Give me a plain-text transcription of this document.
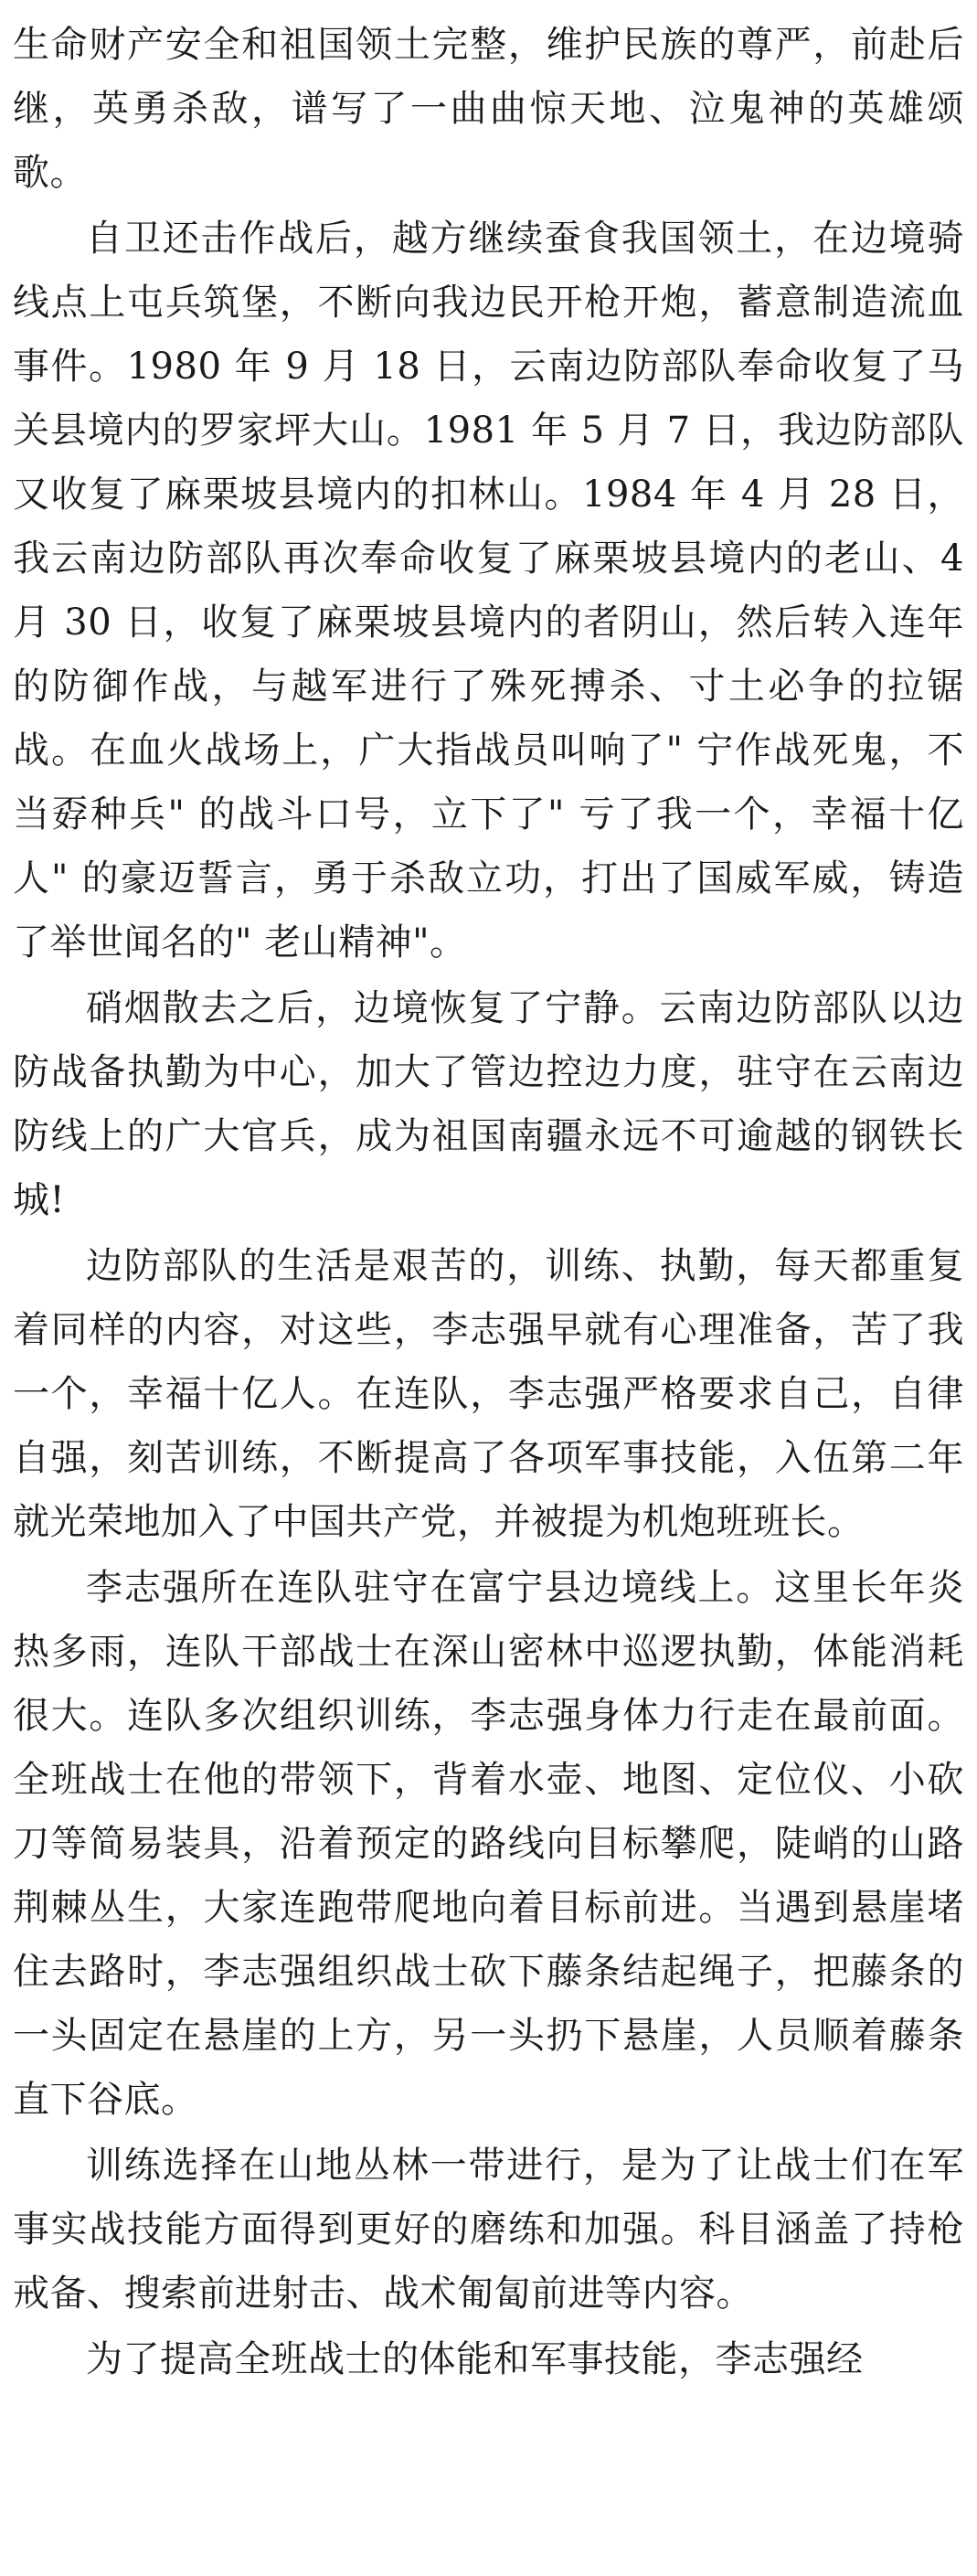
生命财产安全和祖国领土完整，维护民族的尊严，前赴后继，英勇杀敌，谱写了一曲曲惊天地、泣鬼神的英雄颂歌。

自卫还击作战后，越方继续蚕食我国领土，在边境骑线点上屯兵筑堡，不断向我边民开枪开炮，蓄意制造流血事件。1980 年 9 月 18 日，云南边防部队奉命收复了马关县境内的罗家坪大山。1981 年 5 月 7 日，我边防部队又收复了麻栗坡县境内的扣林山。1984 年 4 月 28 日，我云南边防部队再次奉命收复了麻栗坡县境内的老山、4 月 30 日，收复了麻栗坡县境内的者阴山，然后转入连年的防御作战，与越军进行了殊死搏杀、寸土必争的拉锯战。在血火战场上，广大指战员叫响了" 宁作战死鬼，不当孬种兵" 的战斗口号，立下了" 亏了我一个，幸福十亿人" 的豪迈誓言，勇于杀敌立功，打出了国威军威，铸造了举世闻名的" 老山精神"。

硝烟散去之后，边境恢复了宁静。云南边防部队以边防战备执勤为中心，加大了管边控边力度，驻守在云南边防线上的广大官兵，成为祖国南疆永远不可逾越的钢铁长城!

边防部队的生活是艰苦的，训练、执勤，每天都重复着同样的内容，对这些，李志强早就有心理准备，苦了我一个，幸福十亿人。在连队，李志强严格要求自己，自律自强，刻苦训练，不断提高了各项军事技能，入伍第二年就光荣地加入了中国共产党，并被提为机炮班班长。

李志强所在连队驻守在富宁县边境线上。这里长年炎热多雨，连队干部战士在深山密林中巡逻执勤，体能消耗很大。连队多次组织训练，李志强身体力行走在最前面。全班战士在他的带领下，背着水壶、地图、定位仪、小砍刀等简易装具，沿着预定的路线向目标攀爬，陡峭的山路荆棘丛生，大家连跑带爬地向着目标前进。当遇到悬崖堵住去路时，李志强组织战士砍下藤条结起绳子，把藤条的一头固定在悬崖的上方，另一头扔下悬崖，人员顺着藤条直下谷底。

训练选择在山地丛林一带进行，是为了让战士们在军事实战技能方面得到更好的磨练和加强。科目涵盖了持枪戒备、搜索前进射击、战术匍匐前进等内容。

为了提高全班战士的体能和军事技能，李志强经
